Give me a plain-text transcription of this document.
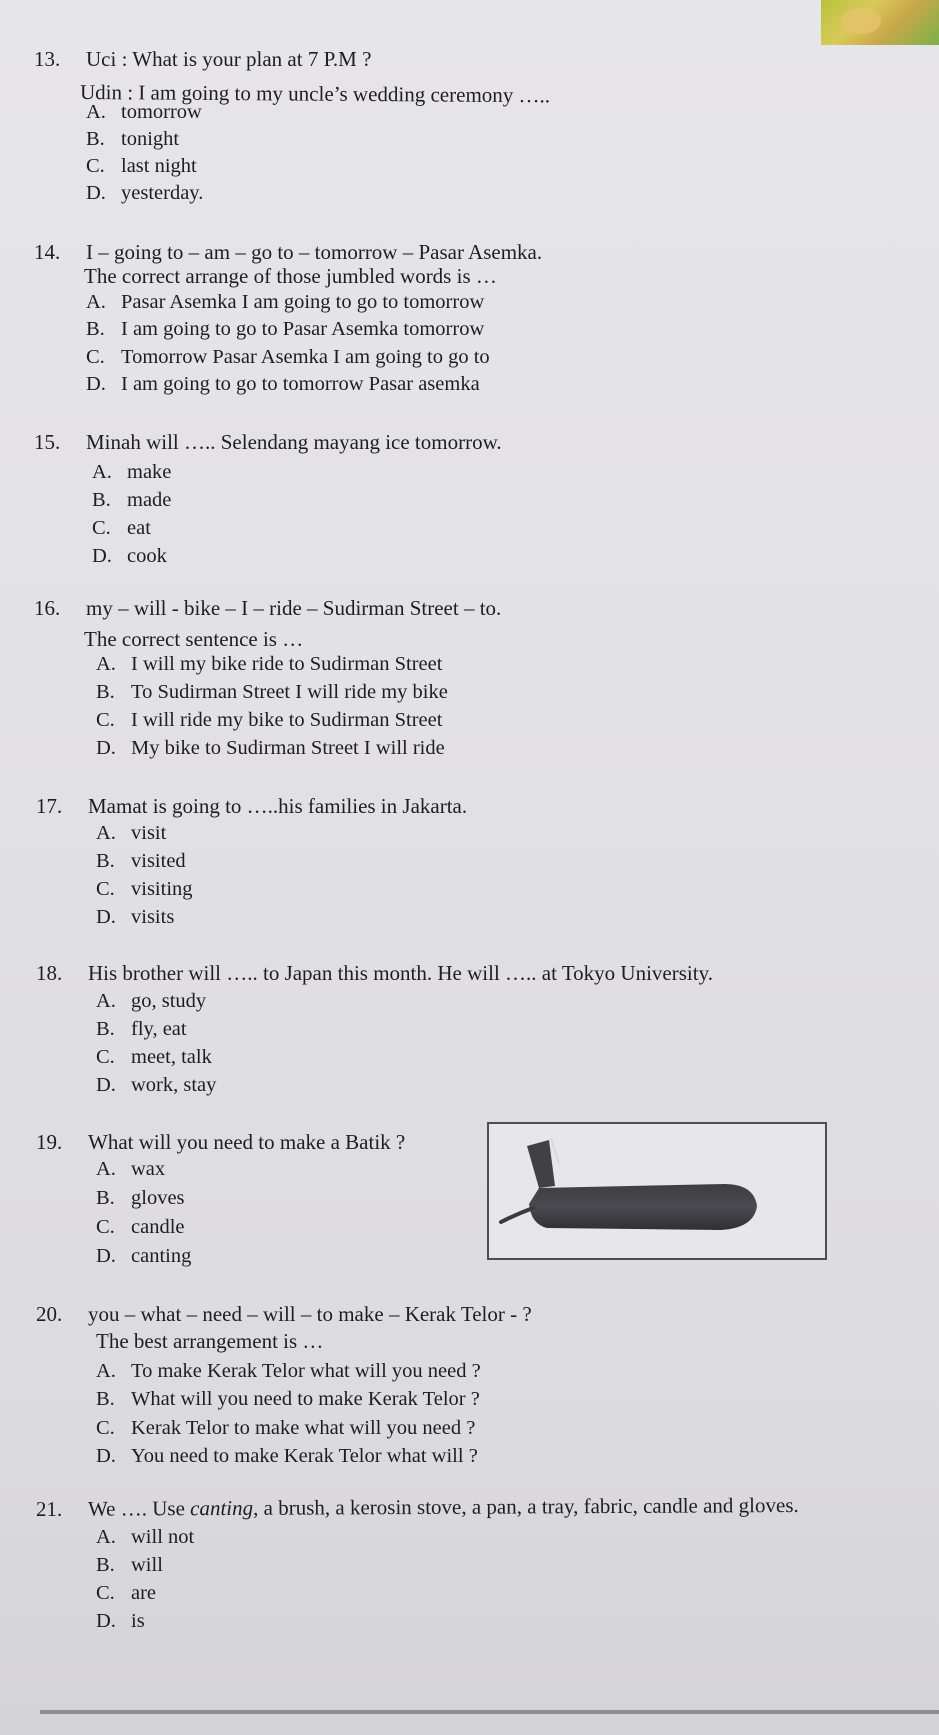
13. Uci : What is your plan at 7 P.M ?
Udin : I am going to my uncle’s wedding ceremony …..
A. tomorrow
B. tonight
C. last night
D. yesterday.
14. I – going to – am – go to – tomorrow – Pasar Asemka.
The correct arrange of those jumbled words is …
A. Pasar Asemka I am going to go to tomorrow
B. I am going to go to Pasar Asemka tomorrow
C. Tomorrow Pasar Asemka I am going to go to
D. I am going to go to tomorrow Pasar asemka
15. Minah will ….. Selendang mayang ice tomorrow.
A. make
B. made
C. eat
D. cook
16. my – will - bike – I – ride – Sudirman Street – to.
The correct sentence is …
A. I will my bike ride to Sudirman Street
B. To Sudirman Street I will ride my bike
C. I will ride my bike to Sudirman Street
D. My bike to Sudirman Street I will ride
17. Mamat is going to …..his families in Jakarta.
A. visit
B. visited
C. visiting
D. visits
18. His brother will ….. to Japan this month. He will ….. at Tokyo University.
A. go, study
B. fly, eat
C. meet, talk
D. work, stay
19. What will you need to make a Batik ?
A. wax
B. gloves
C. candle
D. canting
20. you – what – need – will – to make – Kerak Telor - ?
The best arrangement is …
A. To make Kerak Telor what will you need ?
B. What will you need to make Kerak Telor ?
C. Kerak Telor to make what will you need ?
D. You need to make Kerak Telor what will ?
21. We …. Use canting, a brush, a kerosin stove, a pan, a tray, fabric, candle and gloves.
A. will not
B. will
C. are
D. is
